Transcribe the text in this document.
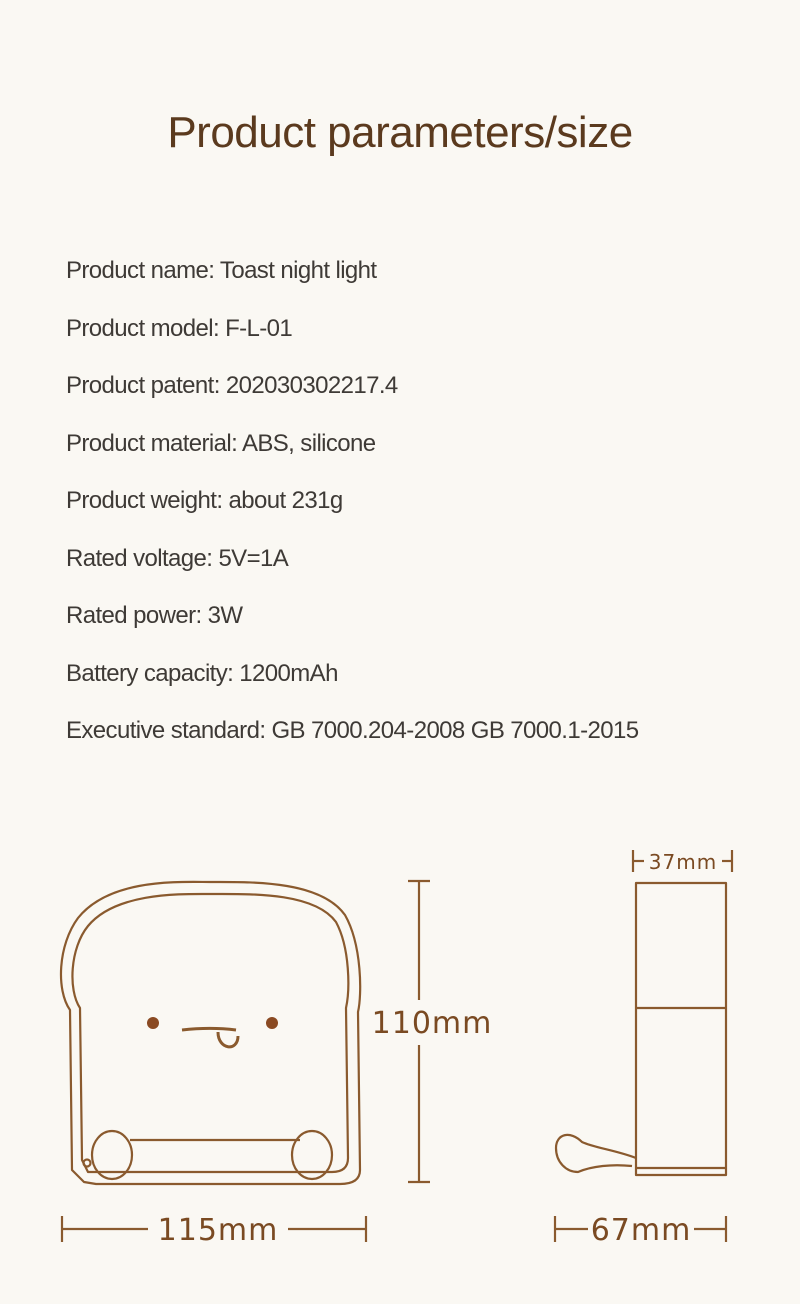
Product parameters/size
Product name: Toast night light
Product model: F-L-01
Product patent: 202030302217.4
Product material: ABS, silicone
Product weight: about 231g
Rated voltage: 5V=1A
Rated power: 3W
Battery capacity: 1200mAh
Executive standard: GB 7000.204-2008 GB 7000.1-2015
110mm
115mm
37mm
67mm
